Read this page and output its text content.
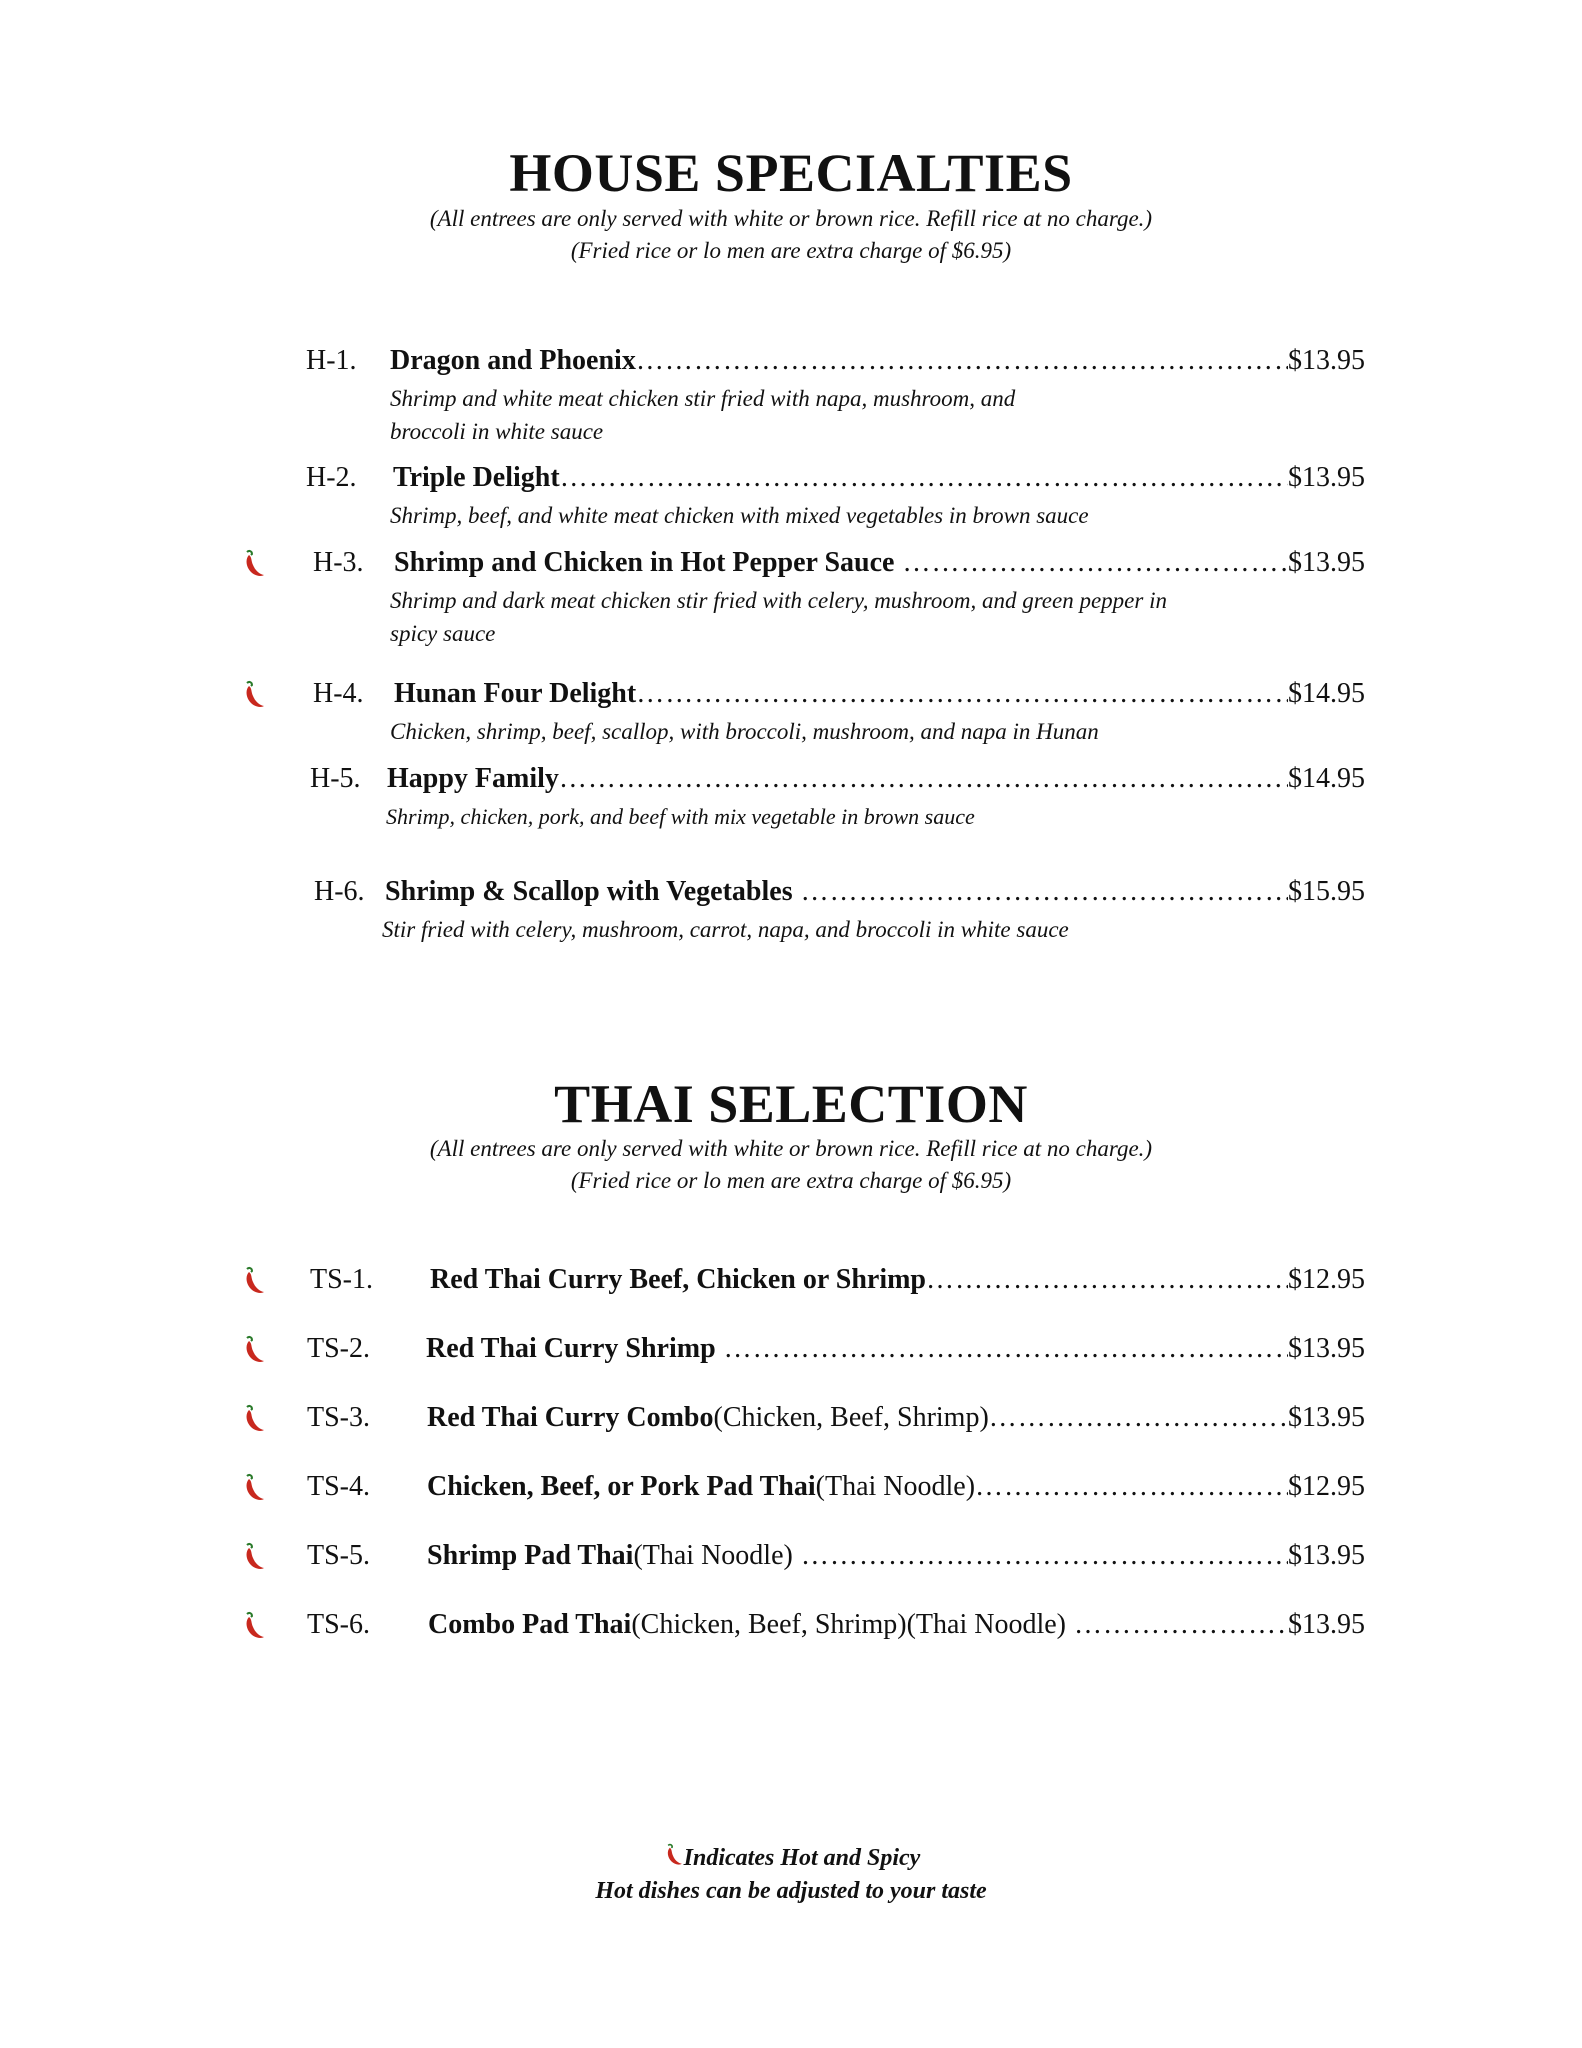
HOUSE SPECIALTIES
(All entrees are only served with white or brown rice. Refill rice at no charge.)
(Fried rice or lo men are extra charge of $6.95)
H-1. Dragon and Phoenix ……………………………………………………………………………………………………………………………………………………………………………………………………	$13.95
Shrimp and white meat chicken stir fried with napa, mushroom, and
broccoli in white sauce
H-2. Triple Delight ……………………………………………………………………………………………………………………………………………………………………………………………………	$13.95
Shrimp, beef, and white meat chicken with mixed vegetables in brown sauce
H-3. Shrimp and Chicken in Hot Pepper Sauce ……………………………………………………………………………………………………………………………………………………………………………………………………	$13.95
Shrimp and dark meat chicken stir fried with celery, mushroom, and green pepper in
spicy sauce
H-4. Hunan Four Delight ……………………………………………………………………………………………………………………………………………………………………………………………………	$14.95
Chicken, shrimp, beef, scallop, with broccoli, mushroom, and napa in Hunan
H-5. Happy Family ……………………………………………………………………………………………………………………………………………………………………………………………………	$14.95
Shrimp, chicken, pork, and beef with mix vegetable in brown sauce
H-6. Shrimp & Scallop with Vegetables ……………………………………………………………………………………………………………………………………………………………………………………………………	$15.95
Stir fried with celery, mushroom, carrot, napa, and broccoli in white sauce
THAI SELECTION
(All entrees are only served with white or brown rice. Refill rice at no charge.)
(Fried rice or lo men are extra charge of $6.95)
TS-1. Red Thai Curry Beef, Chicken or Shrimp ……………………………………………………………………………………………………………………………………………………………………………………………………	$12.95
TS-2. Red Thai Curry Shrimp ……………………………………………………………………………………………………………………………………………………………………………………………………	$13.95
TS-3. Red Thai Curry Combo (Chicken, Beef, Shrimp) ……………………………………………………………………………………………………………………………………………………………………………………………………	$13.95
TS-4. Chicken, Beef, or Pork Pad Thai (Thai Noodle) ……………………………………………………………………………………………………………………………………………………………………………………………………	$12.95
TS-5. Shrimp Pad Thai (Thai Noodle) ……………………………………………………………………………………………………………………………………………………………………………………………………	$13.95
TS-6. Combo Pad Thai (Chicken, Beef, Shrimp)(Thai Noodle) ……………………………………………………………………………………………………………………………………………………………………………………………………	$13.95
Indicates Hot and Spicy
Hot dishes can be adjusted to your taste
